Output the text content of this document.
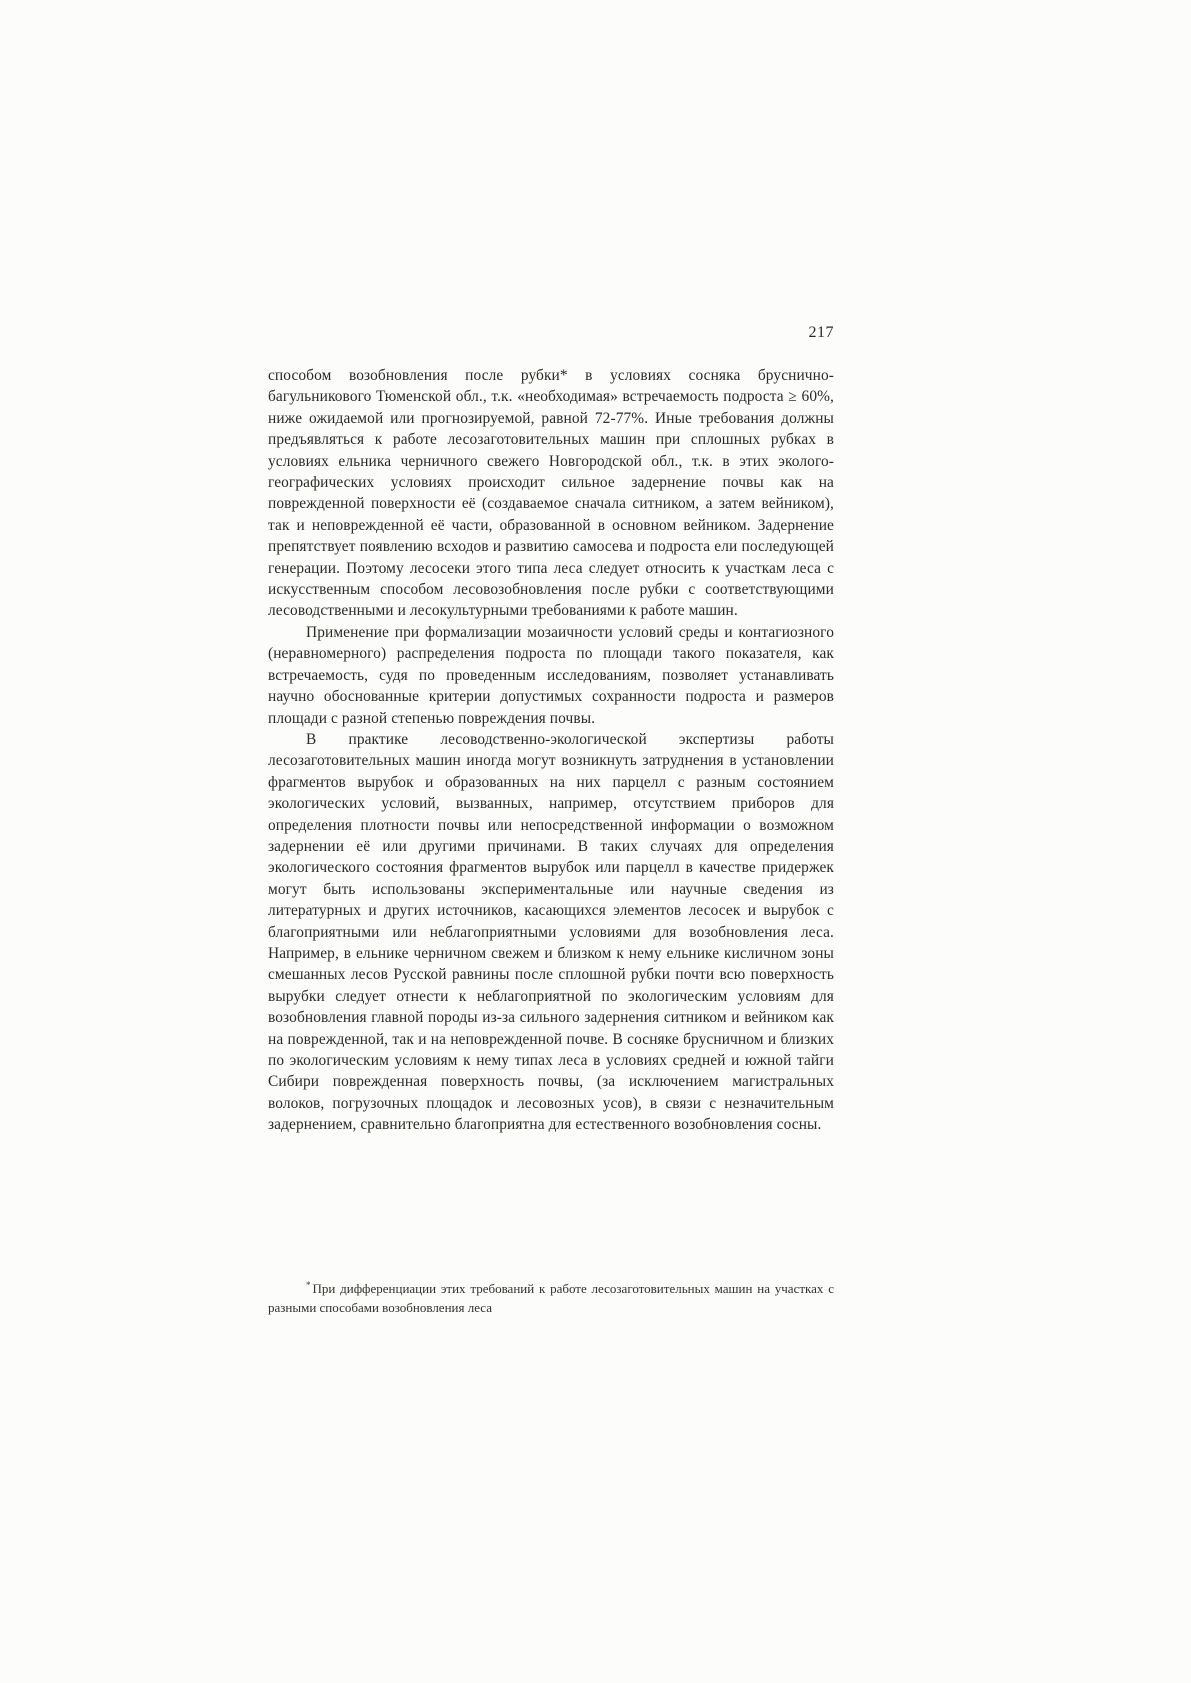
217

способом возобновления после рубки* в условиях сосняка бруснично-багульникового Тюменской обл., т.к. «необходимая» встречаемость подроста ≥ 60%, ниже ожидаемой или прогнозируемой, равной 72-77%. Иные требования должны предъявляться к работе лесозаготовительных машин при сплошных рубках в условиях ельника черничного свежего Новгородской обл., т.к. в этих эколого-географических условиях происходит сильное задернение почвы как на поврежденной поверхности её (создаваемое сначала ситником, а затем вейником), так и неповрежденной её части, образованной в основном вейником. Задернение препятствует появлению всходов и развитию самосева и подроста ели последующей генерации. Поэтому лесосеки этого типа леса следует относить к участкам леса с искусственным способом лесовозобновления после рубки с соответствующими лесоводственными и лесокультурными требованиями к работе машин.

Применение при формализации мозаичности условий среды и контагиозного (неравномерного) распределения подроста по площади такого показателя, как встречаемость, судя по проведенным исследованиям, позволяет устанавливать научно обоснованные критерии допустимых сохранности подроста и размеров площади с разной степенью повреждения почвы.

В практике лесоводственно-экологической экспертизы работы лесозаготовительных машин иногда могут возникнуть затруднения в установлении фрагментов вырубок и образованных на них парцелл с разным состоянием экологических условий, вызванных, например, отсутствием приборов для определения плотности почвы или непосредственной информации о возможном задернении её или другими причинами. В таких случаях для определения экологического состояния фрагментов вырубок или парцелл в качестве придержек могут быть использованы экспериментальные или научные сведения из литературных и других источников, касающихся элементов лесосек и вырубок с благоприятными или неблагоприятными условиями для возобновления леса. Например, в ельнике черничном свежем и близком к нему ельнике кисличном зоны смешанных лесов Русской равнины после сплошной рубки почти всю поверхность вырубки следует отнести к неблагоприятной по экологическим условиям для возобновления главной породы из-за сильного задернения ситником и вейником как на поврежденной, так и на неповрежденной почве. В сосняке брусничном и близких по экологическим условиям к нему типах леса в условиях средней и южной тайги Сибири поврежденная поверхность почвы, (за исключением магистральных волоков, погрузочных площадок и лесовозных усов), в связи с незначительным задернением, сравнительно благоприятна для естественного возобновления сосны.

* При дифференциации этих требований к работе лесозаготовительных машин на участках с разными способами возобновления леса
